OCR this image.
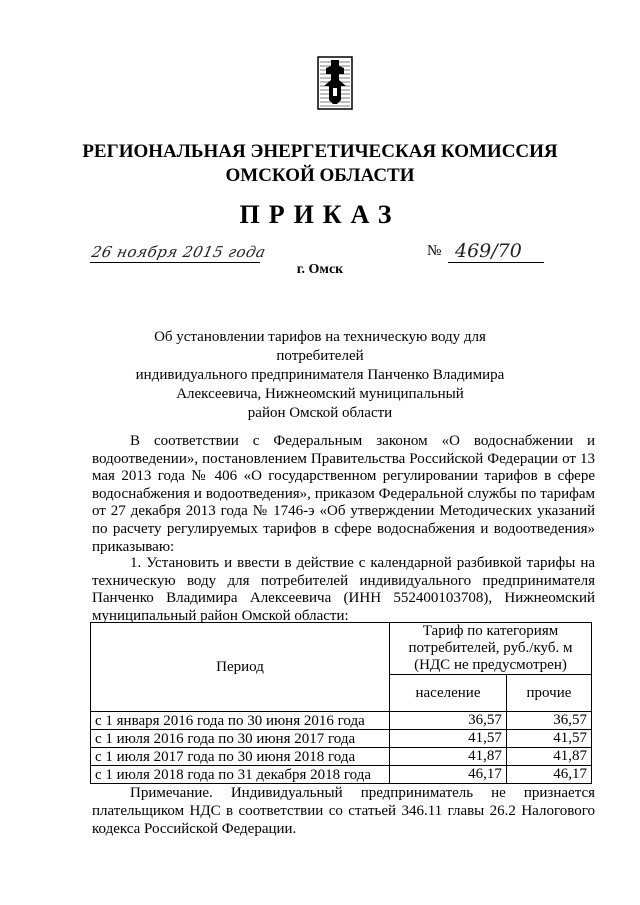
РЕГИОНАЛЬНАЯ ЭНЕРГЕТИЧЕСКАЯ КОМИССИЯ
ОМСКОЙ ОБЛАСТИ
ПРИКАЗ
26 ноября 2015 года	№ 469/70
г. Омск
Об установлении тарифов на техническую воду для потребителей
индивидуального предпринимателя Панченко Владимира
Алексеевича, Нижнеомский муниципальный
район Омской области
В соответствии с Федеральным законом «О водоснабжении и водоотведении», постановлением Правительства Российской Федерации от 13 мая 2013 года № 406 «О государственном регулировании тарифов в сфере водоснабжения и водоотведения», приказом Федеральной службы по тарифам от 27 декабря 2013 года № 1746-э «Об утверждении Методических указаний по расчету регулируемых тарифов в сфере водоснабжения и водоотведения» приказываю:
1. Установить и ввести в действие с календарной разбивкой тарифы на техническую воду для потребителей индивидуального предпринимателя Панченко Владимира Алексеевича (ИНН 552400103708), Нижнеомский муниципальный район Омской области:
Период	Тариф по категориям потребителей, руб./куб. м (НДС не предусмотрен)	
	население	прочие
с 1 января 2016 года по 30 июня 2016 года	36,57	36,57
с 1 июля 2016 года по 30 июня 2017 года	41,57	41,57
с 1 июля 2017 года по 30 июня 2018 года	41,87	41,87
с 1 июля 2018 года по 31 декабря 2018 года	46,17	46,17
Примечание. Индивидуальный предприниматель не признается плательщиком НДС в соответствии со статьей 346.11 главы 26.2 Налогового кодекса Российской Федерации.
